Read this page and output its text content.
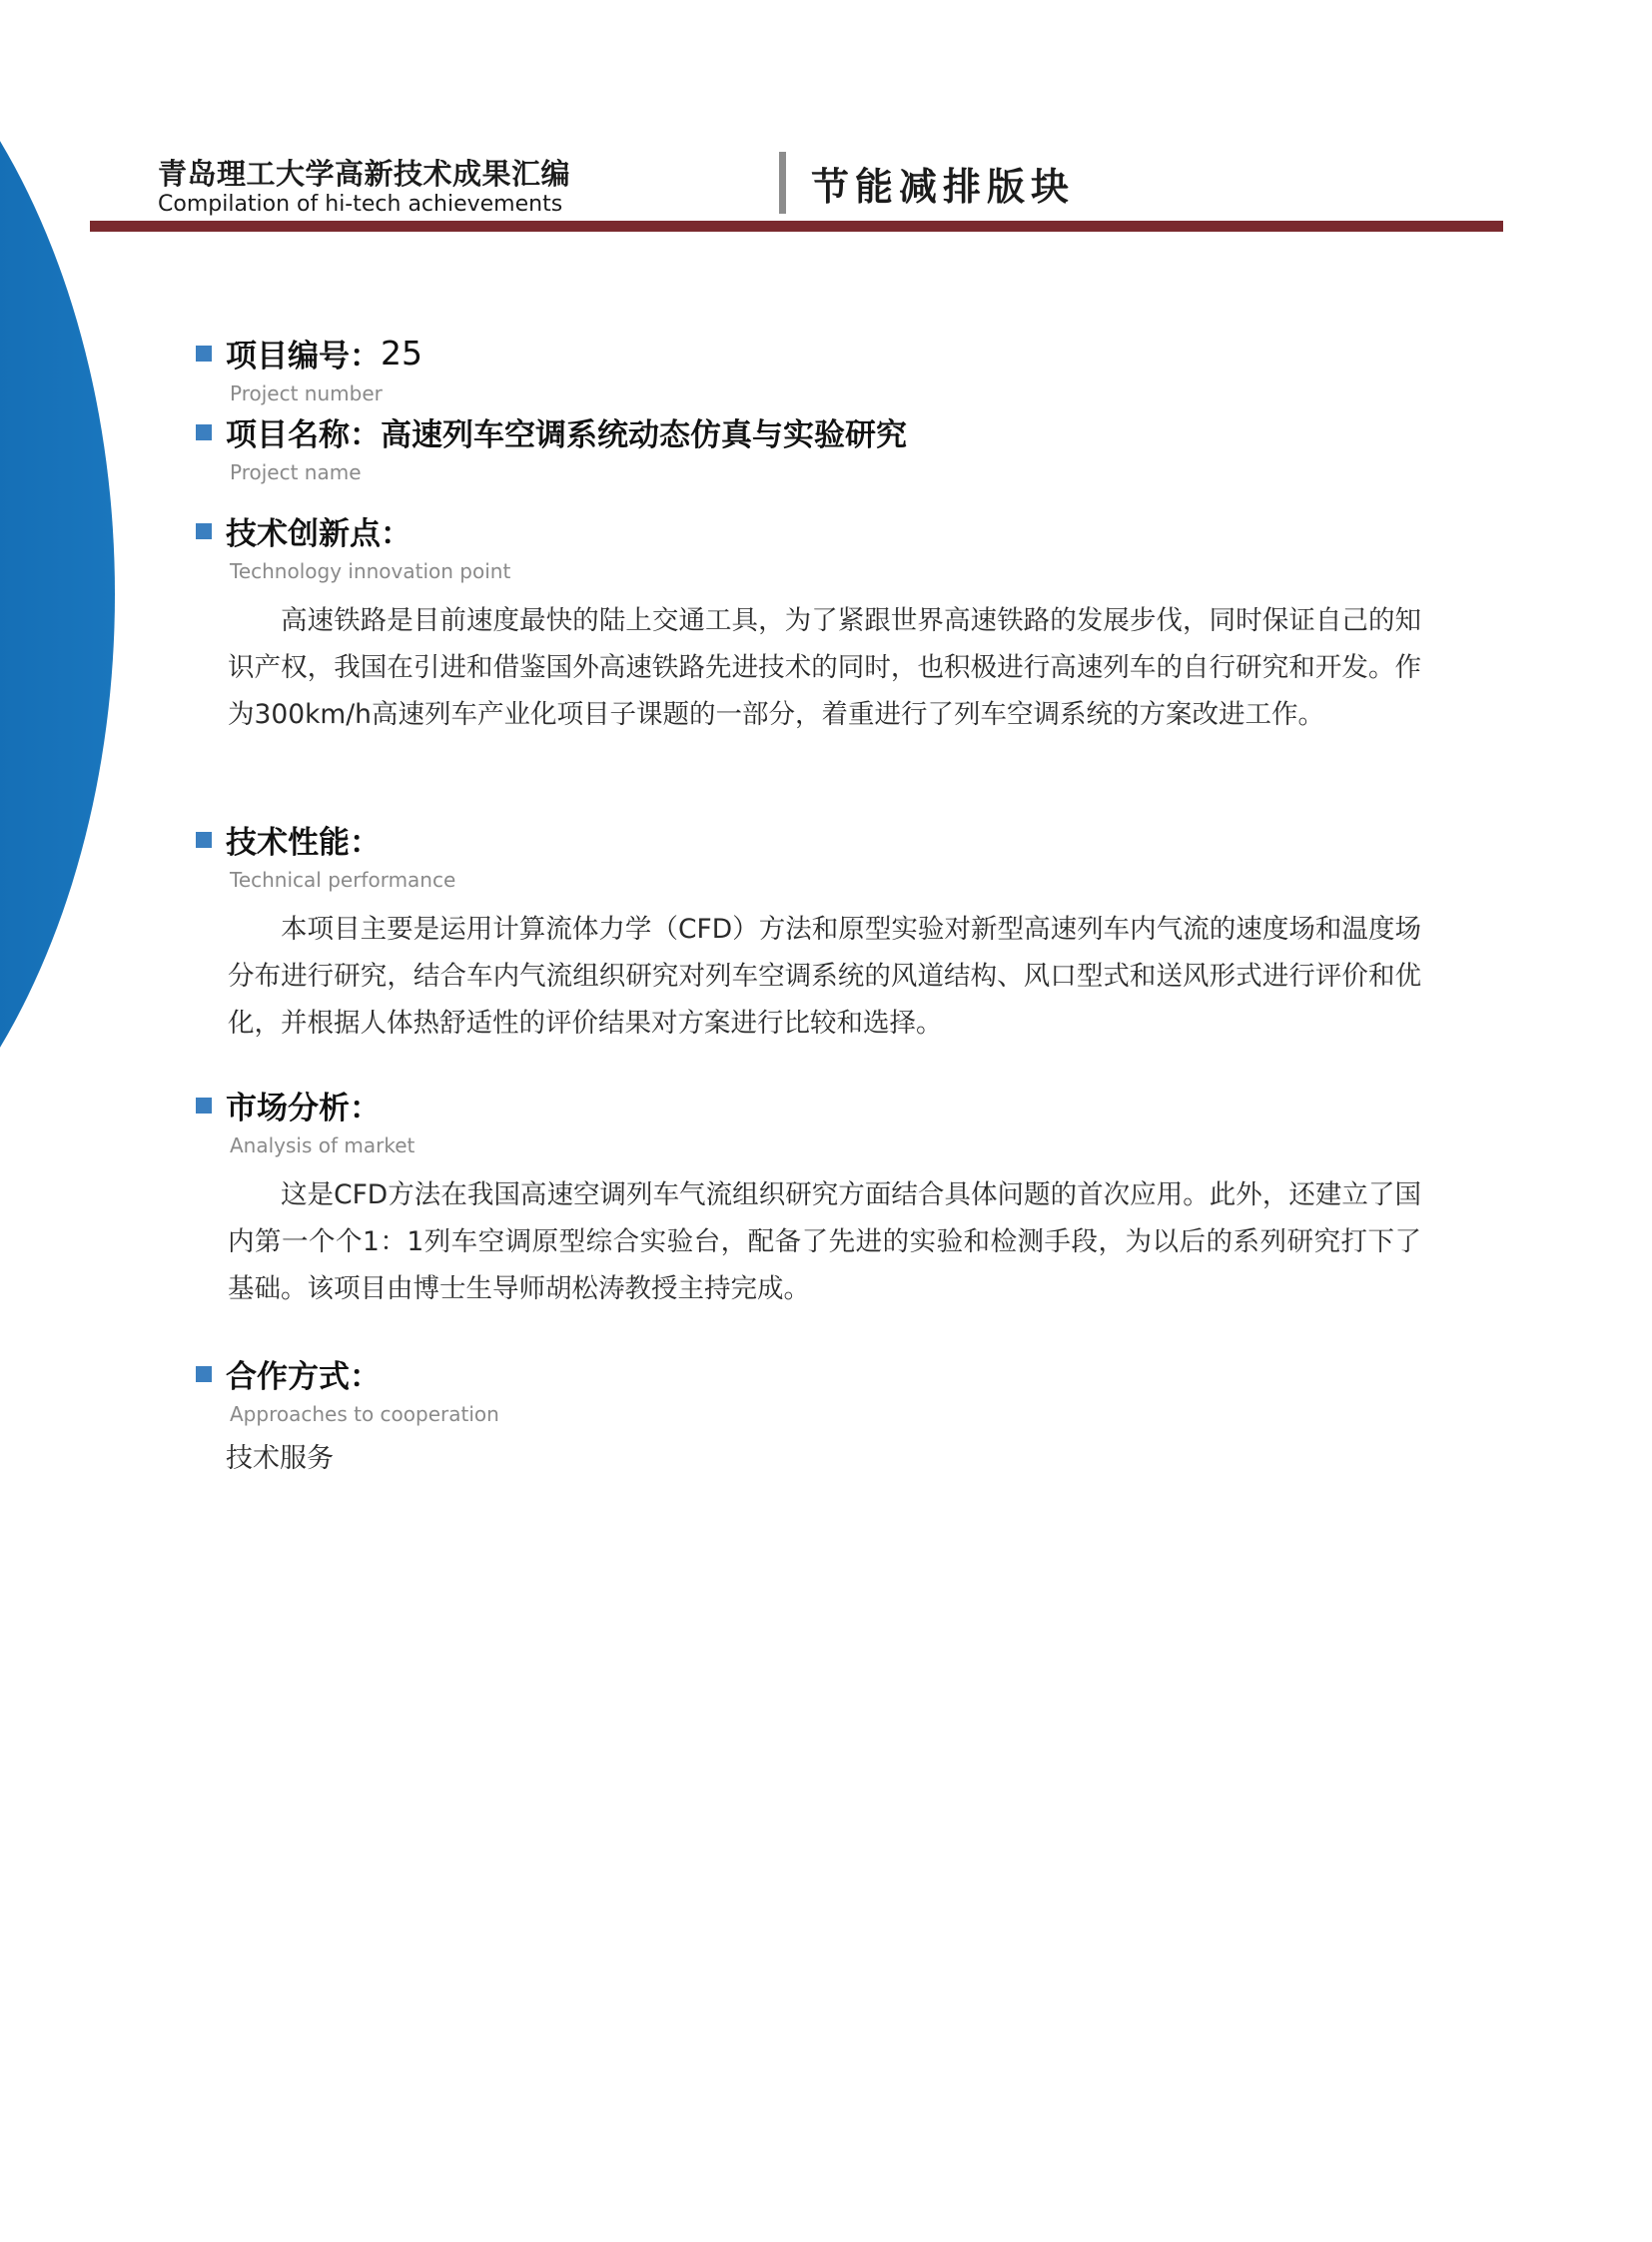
青岛理工大学高新技术成果汇编
Compilation of hi-tech achievements	节能减排版块
项目编号： 25
Project number
项目名称： 高速列车空调系统动态仿真与实验研究
Project name
技术创新点：
Technology innovation point
高速铁路是目前速度最快的陆上交通工具，为了紧跟世界高速铁路的发展步伐，同时保证自己的知识产权，我国在引进和借鉴国外高速铁路先进技术的同时，也积极进行高速列车的自行研究和开发。作为300km/h高速列车产业化项目子课题的一部分，着重进行了列车空调系统的方案改进工作。
技术性能：
Technical performance
本项目主要是运用计算流体力学（CFD）方法和原型实验对新型高速列车内气流的速度场和温度场分布进行研究，结合车内气流组织研究对列车空调系统的风道结构、风口型式和送风形式进行评价和优化，并根据人体热舒适性的评价结果对方案进行比较和选择。
市场分析：
Analysis of market
这是CFD方法在我国高速空调列车气流组织研究方面结合具体问题的首次应用。此外，还建立了国内第一个个1：1列车空调原型综合实验台，配备了先进的实验和检测手段，为以后的系列研究打下了基础。该项目由博士生导师胡松涛教授主持完成。
合作方式：
Approaches to cooperation
技术服务
